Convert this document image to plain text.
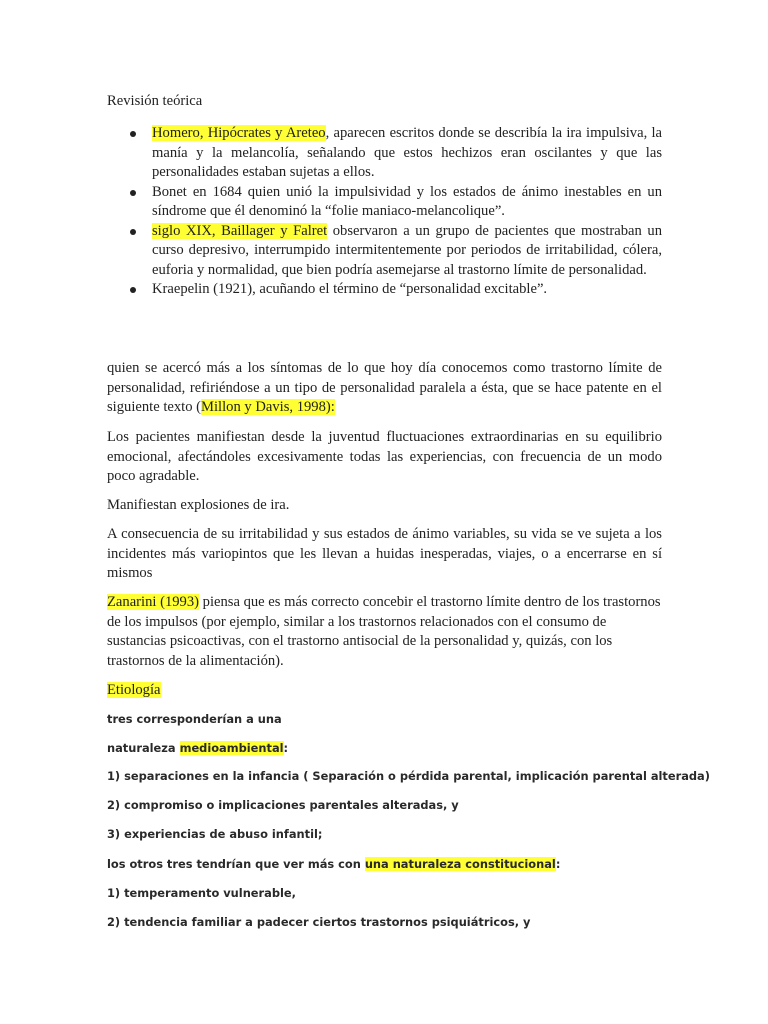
Revisión teórica

Homero, Hipócrates y Areteo, aparecen escritos donde se describía la ira impulsiva, la manía y la melancolía, señalando que estos hechizos eran oscilantes y que las personalidades estaban sujetas a ellos.
Bonet en 1684 quien unió la impulsividad y los estados de ánimo inestables en un síndrome que él denominó la “folie maniaco-melancolique”.
siglo XIX, Baillager y Falret observaron a un grupo de pacientes que mostraban un curso depresivo, interrumpido intermitentemente por periodos de irritabilidad, cólera, euforia y normalidad, que bien podría asemejarse al trastorno límite de personalidad.
Kraepelin (1921), acuñando el término de “personalidad excitable”.

quien se acercó más a los síntomas de lo que hoy día conocemos como trastorno límite de personalidad, refiriéndose a un tipo de personalidad paralela a ésta, que se hace patente en el siguiente texto (Millon y Davis, 1998):

Los pacientes manifiestan desde la juventud fluctuaciones extraordinarias en su equilibrio emocional, afectándoles excesivamente todas las experiencias, con frecuencia de un modo poco agradable.

Manifiestan explosiones de ira.

A consecuencia de su irritabilidad y sus estados de ánimo variables, su vida se ve sujeta a los incidentes más variopintos que les llevan a huidas inesperadas, viajes, o a encerrarse en sí mismos

Zanarini (1993) piensa que es más correcto concebir el trastorno límite dentro de los trastornos de los impulsos (por ejemplo, similar a los trastornos relacionados con el consumo de sustancias psicoactivas, con el trastorno antisocial de la personalidad y, quizás, con los trastornos de la alimentación).

Etiología

tres corresponderían a una

naturaleza medioambiental:

1) separaciones en la infancia ( Separación o pérdida parental, implicación parental alterada)

2) compromiso o implicaciones parentales alteradas, y

3) experiencias de abuso infantil;

los otros tres tendrían que ver más con una naturaleza constitucional:

1) temperamento vulnerable,

2) tendencia familiar a padecer ciertos trastornos psiquiátricos, y
